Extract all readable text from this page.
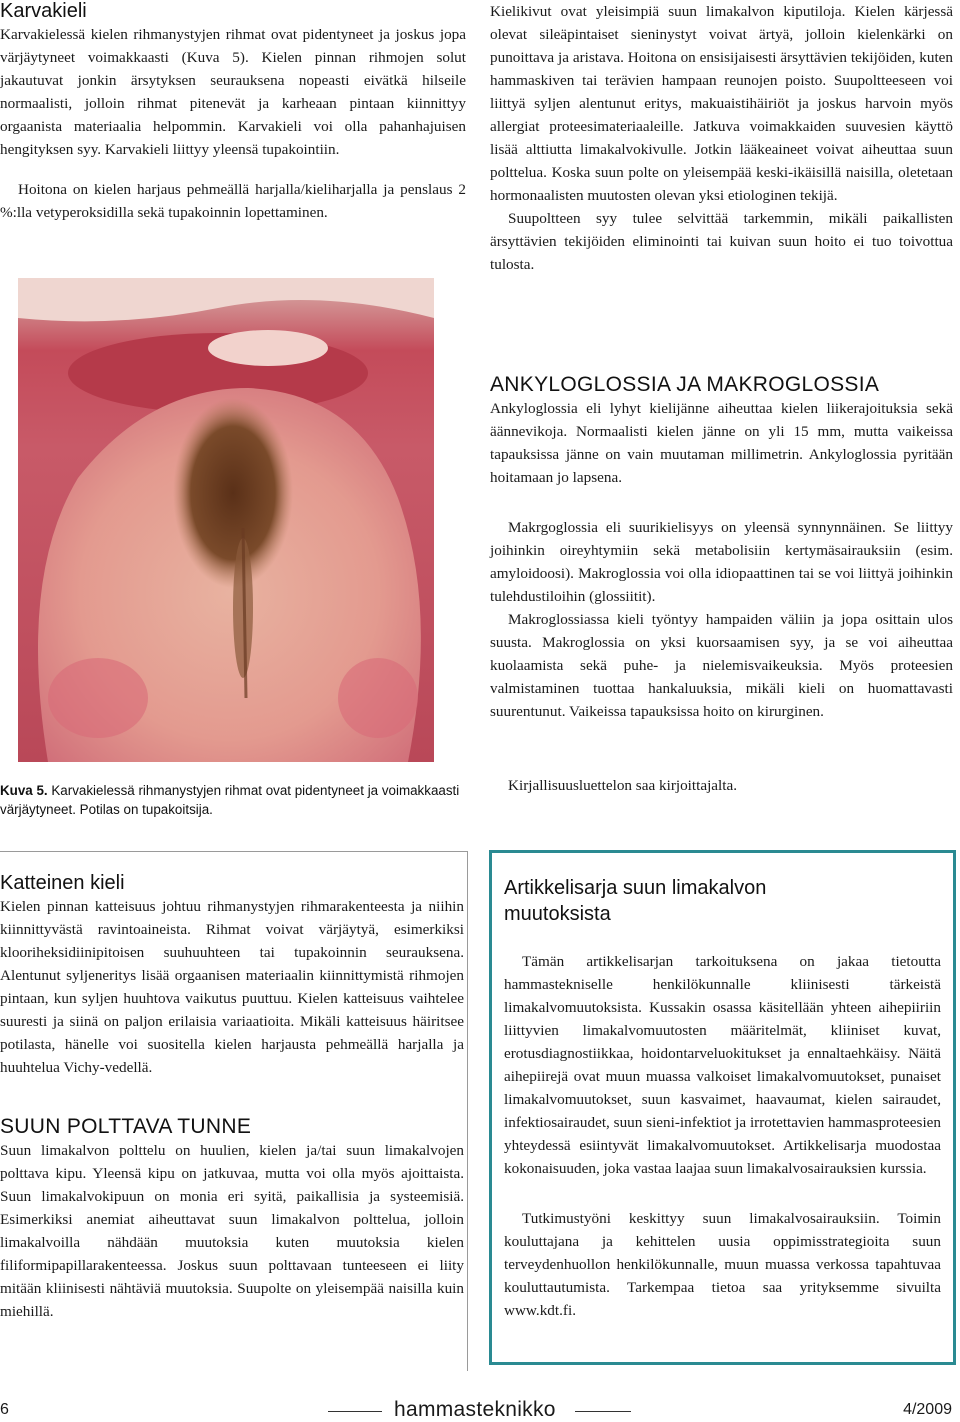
Karvakieli

Karvakielessä kielen rihmanystyjen rihmat ovat pidentyneet ja joskus jopa värjäytyneet voimakkaasti (Kuva 5). Kielen pinnan rihmojen solut jakautuvat jonkin ärsytyksen seurauksena nopeasti eivätkä hilseile normaalisti, jolloin rihmat pitenevät ja karheaan pintaan kiinnittyy orgaanista materiaalia helpommin. Karvakieli voi olla pahanhajuisen hengityksen syy. Karvakieli liittyy yleensä tupakointiin.

Hoitona on kielen harjaus pehmeällä harjalla/kieliharjalla ja penslaus 2 %:lla vetyperoksidilla sekä tupakoinnin lopettaminen.

Kuva 5. Karvakielessä rihmanystyjen rihmat ovat pidentyneet ja voimakkaasti värjäytyneet. Potilas on tupakoitsija.

Kielikivut ovat yleisimpiä suun limakalvon kiputiloja. Kielen kärjessä olevat sileäpintaiset sieninystyt voivat ärtyä, jolloin kielenkärki on punoittava ja aristava. Hoitona on ensisijaisesti ärsyttävien tekijöiden, kuten hammaskiven tai terävien hampaan reunojen poisto. Suupoltteeseen voi liittyä syljen alentunut eritys, makuaistihäiriöt ja joskus harvoin myös allergiat proteesimateriaaleille. Jatkuva voimakkaiden suuvesien käyttö lisää alttiutta limakalvokivulle. Jotkin lääkeaineet voivat aiheuttaa suun polttelua. Koska suun polte on yleisempää keski-ikäisillä naisilla, oletetaan hormonaalisten muutosten olevan yksi etiologinen tekijä.

Suupoltteen syy tulee selvittää tarkemmin, mikäli paikallisten ärsyttävien tekijöiden eliminointi tai kuivan suun hoito ei tuo toivottua tulosta.

ANKYLOGLOSSIA JA MAKROGLOSSIA

Ankyloglossia eli lyhyt kielijänne aiheuttaa kielen liikerajoituksia sekä äännevikoja. Normaalisti kielen jänne on yli 15 mm, mutta vaikeissa tapauksissa jänne on vain muutaman millimetrin. Ankyloglossia pyritään hoitamaan jo lapsena.

Makrgoglossia eli suurikielisyys on yleensä synnynnäinen. Se liittyy joihinkin oireyhtymiin sekä metabolisiin kertymäsairauksiin (esim. amyloidoosi). Makroglossia voi olla idiopaattinen tai se voi liittyä joihinkin tulehdustiloihin (glossiitit).

Makroglossiassa kieli työntyy hampaiden väliin ja jopa osittain ulos suusta. Makroglossia on yksi kuorsaamisen syy, ja se voi aiheuttaa kuolaamista sekä puhe- ja nielemisvaikeuksia. Myös proteesien valmistaminen tuottaa hankaluuksia, mikäli kieli on huomattavasti suurentunut. Vaikeissa tapauksissa hoito on kirurginen.

Kirjallisuusluettelon saa kirjoittajalta.
Katteinen kieli

Kielen pinnan katteisuus johtuu rihmanystyjen rihmarakenteesta ja niihin kiinnittyvästä ravintoaineista. Rihmat voivat värjäytyä, esimerkiksi klooriheksidiinipitoisen suuhuuhteen tai tupakoinnin seurauksena. Alentunut syljeneritys lisää orgaanisen materiaalin kiinnittymistä rihmojen pintaan, kun syljen huuhtova vaikutus puuttuu. Kielen katteisuus vaihtelee suuresti ja siinä on paljon erilaisia variaatioita. Mikäli katteisuus häiritsee potilasta, hänelle voi suositella kielen harjausta pehmeällä harjalla ja huuhtelua Vichy-vedellä.

SUUN POLTTAVA TUNNE

Suun limakalvon polttelu on huulien, kielen ja/tai suun limakalvojen polttava kipu. Yleensä kipu on jatkuvaa, mutta voi olla myös ajoittaista. Suun limakalvokipuun on monia eri syitä, paikallisia ja systeemisiä. Esimerkiksi anemiat aiheuttavat suun limakalvon polttelua, jolloin limakalvoilla nähdään muutoksia kuten muutoksia kielen filiformipapillarakenteessa. Joskus suun polttavaan tunteeseen ei liity mitään kliinisesti nähtäviä muutoksia. Suupolte on yleisempää naisilla kuin miehillä.

Artikkelisarja suun limakalvon muutoksista

Tämän artikkelisarjan tarkoituksena on jakaa tietoutta hammastekniselle henkilökunnalle kliinisesti tärkeistä limakalvomuutoksista. Kussakin osassa käsitellään yhteen aihepiiriin liittyvien limakalvomuutosten määritelmät, kliiniset kuvat, erotusdiagnostiikkaa, hoidontarveluokitukset ja ennaltaehkäisy. Näitä aihepiirejä ovat muun muassa valkoiset limakalvomuutokset, punaiset limakalvomuutokset, suun kasvaimet, haavaumat, kielen sairaudet, infektiosairaudet, suun sieni-infektiot ja irrotettavien hammasproteesien yhteydessä esiintyvät limakalvomuutokset. Artikkelisarja muodostaa kokonaisuuden, joka vastaa laajaa suun limakalvosairauksien kurssia.

Tutkimustyöni keskittyy suun limakalvosairauksiin. Toimin kouluttajana ja kehittelen uusia oppimisstrategioita suun terveydenhuollon henkilökunnalle, muun muassa verkossa tapahtuvaa kouluttautumista. Tarkempaa tietoa saa yrityksemme sivuilta www.kdt.fi.

6	hammasteknikko	4/2009
